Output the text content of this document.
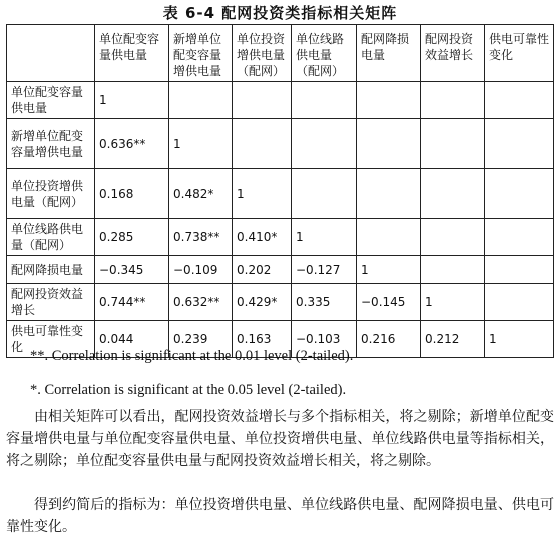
表 6-4 配网投资类指标相关矩阵
	单位配变容量供电量	新增单位配变容量增供电量	单位投资增供电量（配网）	单位线路供电量（配网）	配网降损电量	配网投资效益增长	供电可靠性变化
单位配变容量供电量	1						
新增单位配变容量增供电量	0.636**	1					
单位投资增供电量（配网）	0.168	0.482*	1				
单位线路供电量（配网）	0.285	0.738**	0.410*	1			
配网降损电量	−0.345	−0.109	0.202	−0.127	1		
配网投资效益增长	0.744**	0.632**	0.429*	0.335	−0.145	1	
供电可靠性变化	0.044	0.239	0.163	−0.103	0.216	0.212	1
**. Correlation is significant at the 0.01 level (2-tailed).
*. Correlation is significant at the 0.05 level (2-tailed).
由相关矩阵可以看出，配网投资效益增长与多个指标相关，将之剔除；新增单位配变容量增供电量与单位配变容量供电量、单位投资增供电量、单位线路供电量等指标相关，将之剔除；单位配变容量供电量与配网投资效益增长相关，将之剔除。
得到约简后的指标为：单位投资增供电量、单位线路供电量、配网降损电量、供电可靠性变化。
